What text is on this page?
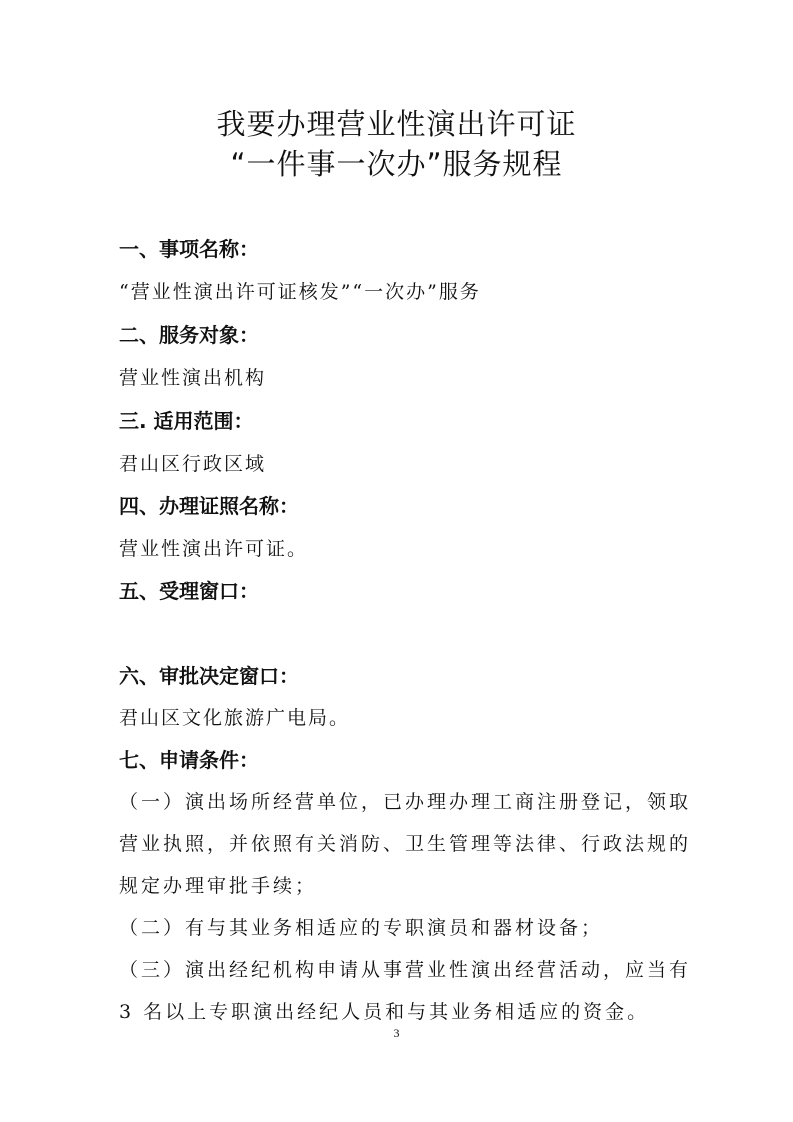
我要办理营业性演出许可证
“一件事一次办”服务规程
一、事项名称：
“营业性演出许可证核发”“一次办”服务
二、服务对象：
营业性演出机构
三. 适用范围：
君山区行政区域
四、办理证照名称：
营业性演出许可证。
五、受理窗口：
六、审批决定窗口：
君山区文化旅游广电局。
七、申请条件：
（一）演出场所经营单位，已办理办理工商注册登记，领取
营业执照，并依照有关消防、卫生管理等法律、行政法规的
规定办理审批手续；
（二）有与其业务相适应的专职演员和器材设备；
（三）演出经纪机构申请从事营业性演出经营活动，应当有
3 名以上专职演出经纪人员和与其业务相适应的资金。
3
